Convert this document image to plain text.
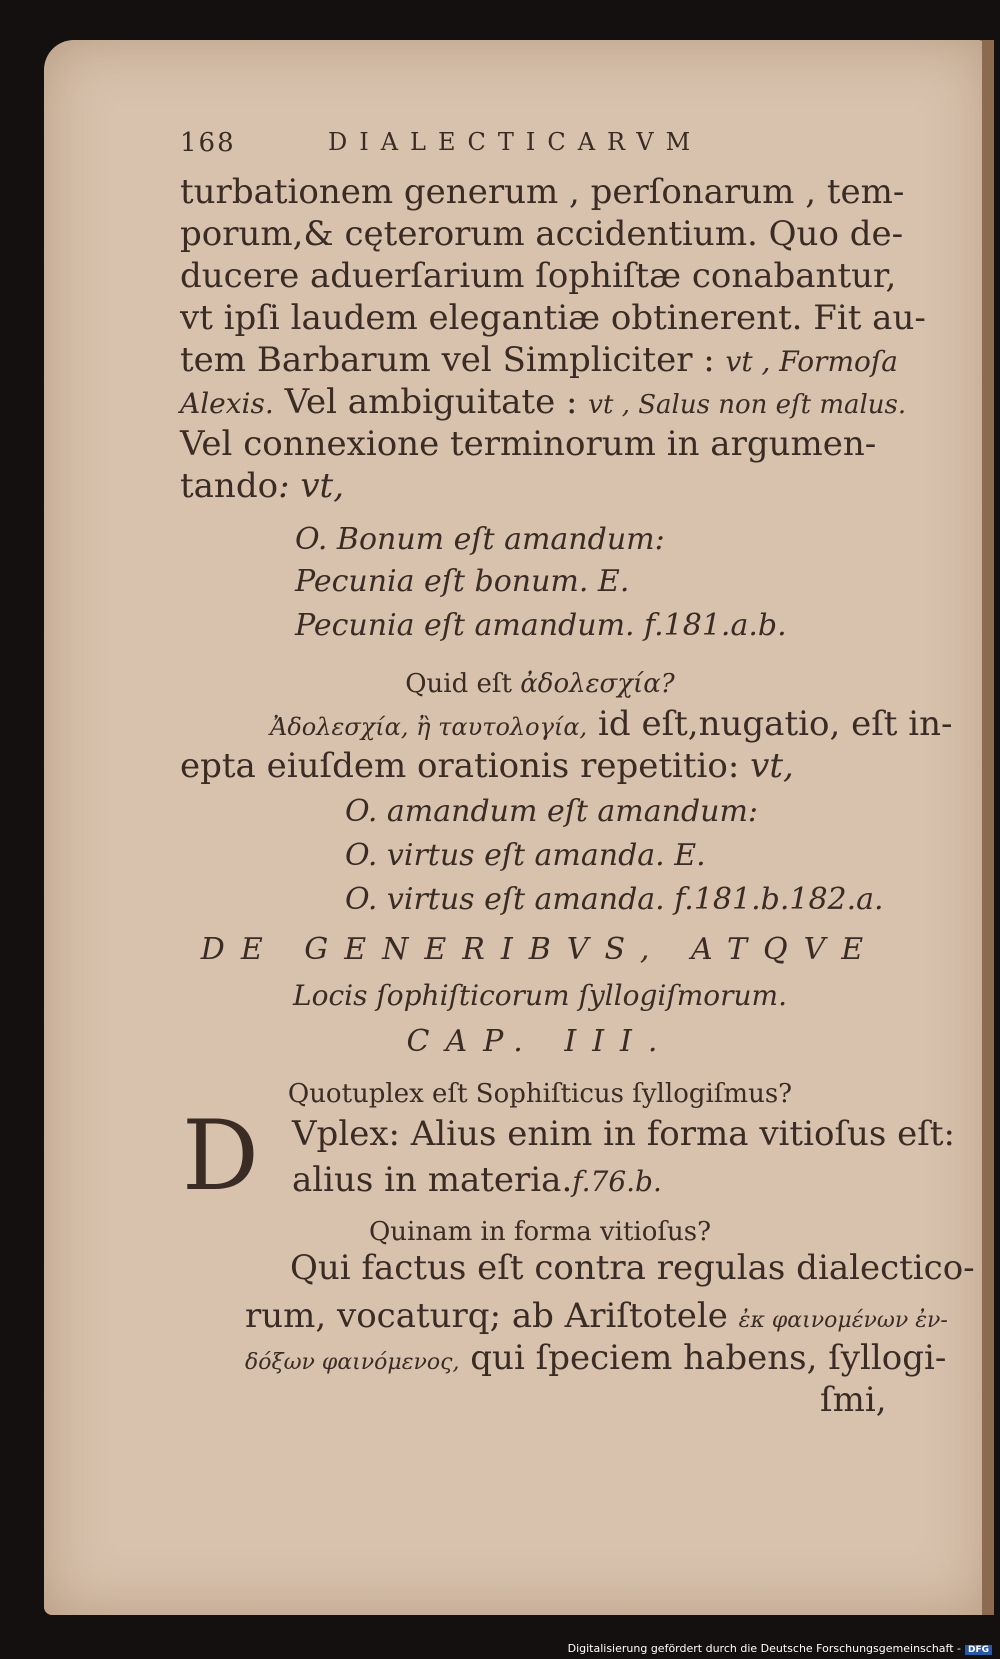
168	DIALECTICARVM
turbationem generum , perſonarum , tem-
porum,& cęterorum accidentium. Quo de-
ducere aduerſarium ſophiſtæ conabantur,
vt ipſi laudem elegantiæ obtinerent. Fit au-
tem Barbarum vel Simpliciter : vt , Formoſa
Alexis. Vel ambiguitate : vt , Salus non eſt malus.
Vel connexione terminorum in argumen-
tando: vt,
O. Bonum eſt amandum:
Pecunia eſt bonum. E.
Pecunia eſt amandum. f.181.a.b.
Quid eſt ἀδολεσχία?
Ἀδολεσχία, ἢ ταυτολογία, id eſt,nugatio, eſt in-
epta eiuſdem orationis repetitio: vt,
O. amandum eſt amandum:
O. virtus eſt amanda. E.
O. virtus eſt amanda. f.181.b.182.a.
DE GENERIBVS, ATQVE
Locis ſophiſticorum ſyllogiſmorum.
CAP. III.
Quotuplex eſt Sophiſticus ſyllogiſmus?
D Vplex: Alius enim in forma vitioſus eſt:
alius in materia.f.76.b.
Quinam in forma vitioſus?
Qui factus eſt contra regulas dialecticо-
rum, vocaturq; ab Ariſtotele ἐκ φαινομένων ἐν-
δόξων φαινόμενος, qui ſpeciem habens, ſyllogi-
ſmi,
Digitalisierung gefördert durch die Deutsche Forschungsgemeinschaft - DFG
